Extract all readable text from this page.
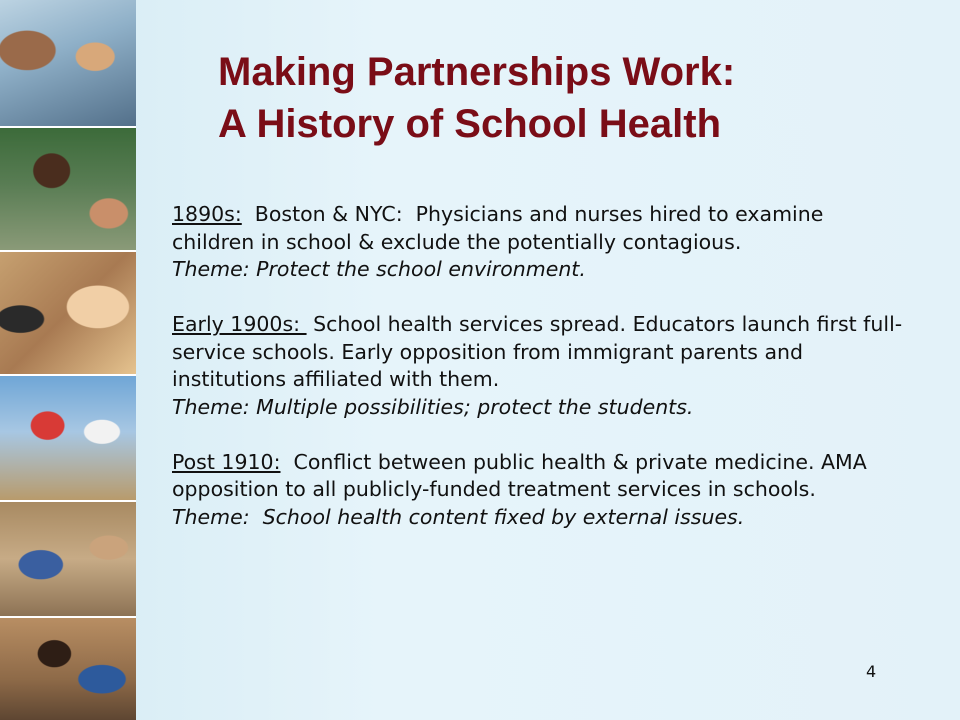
Making Partnerships Work:
A History of School Health

1890s:  Boston & NYC:  Physicians and nurses hired to examine children in school & exclude the potentially contagious.
Theme: Protect the school environment.

Early 1900s:  School health services spread. Educators launch first full-service schools. Early opposition from immigrant parents and institutions affiliated with them.
Theme: Multiple possibilities; protect the students.

Post 1910:  Conflict between public health & private medicine. AMA opposition to all publicly-funded treatment services in schools.
Theme:  School health content fixed by external issues.

4
